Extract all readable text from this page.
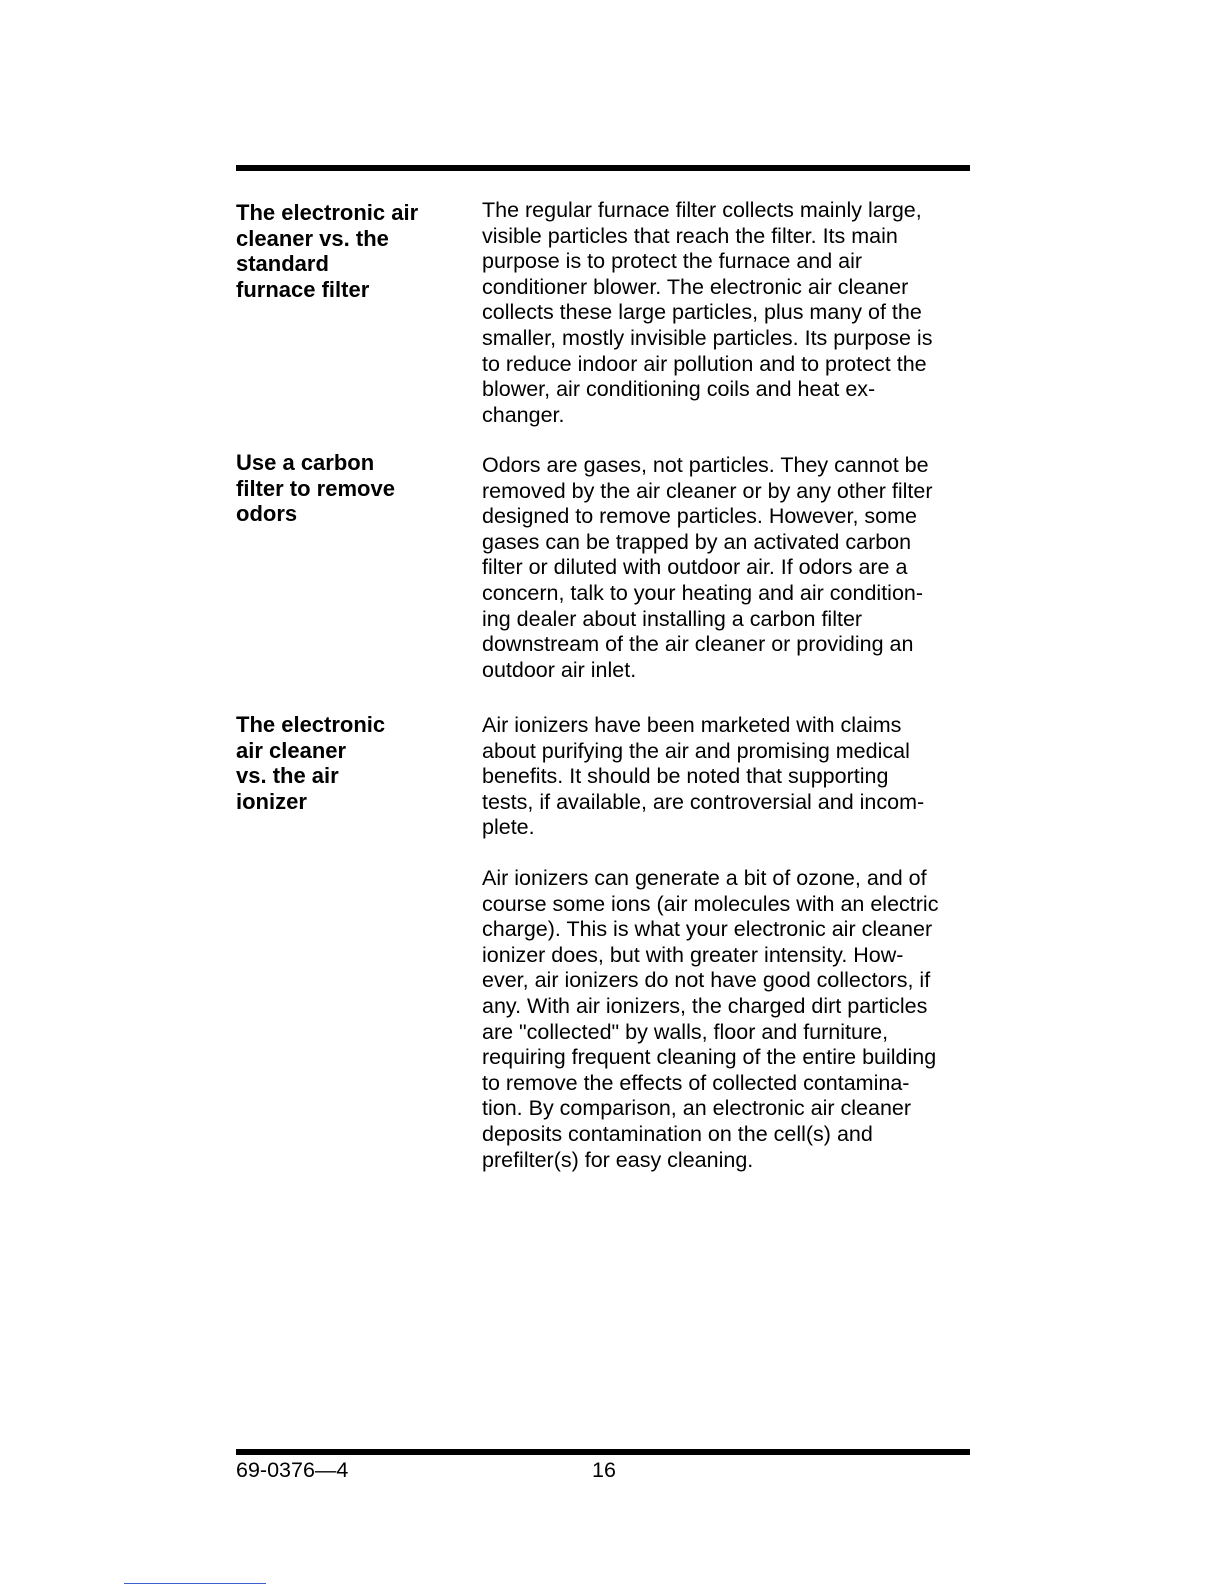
The electronic air
cleaner vs. the
standard
furnace filter

The regular furnace filter collects mainly large,
visible particles that reach the filter. Its main
purpose is to protect the furnace and air
conditioner blower. The electronic air cleaner
collects these large particles, plus many of the
smaller, mostly invisible particles. Its purpose is
to reduce indoor air pollution and to protect the
blower, air conditioning coils and heat ex-
changer.

Use a carbon
filter to remove
odors

Odors are gases, not particles. They cannot be
removed by the air cleaner or by any other filter
designed to remove particles. However, some
gases can be trapped by an activated carbon
filter or diluted with outdoor air. If odors are a
concern, talk to your heating and air condition-
ing dealer about installing a carbon filter
downstream of the air cleaner or providing an
outdoor air inlet.

The electronic
air cleaner
vs. the air
ionizer

Air ionizers have been marketed with claims
about purifying the air and promising medical
benefits. It should be noted that supporting
tests, if available, are controversial and incom-
plete.

Air ionizers can generate a bit of ozone, and of
course some ions (air molecules with an electric
charge). This is what your electronic air cleaner
ionizer does, but with greater intensity. How-
ever, air ionizers do not have good collectors, if
any. With air ionizers, the charged dirt particles
are "collected" by walls, floor and furniture,
requiring frequent cleaning of the entire building
to remove the effects of collected contamina-
tion. By comparison, an electronic air cleaner
deposits contamination on the cell(s) and
prefilter(s) for easy cleaning.

69-0376—4	16
